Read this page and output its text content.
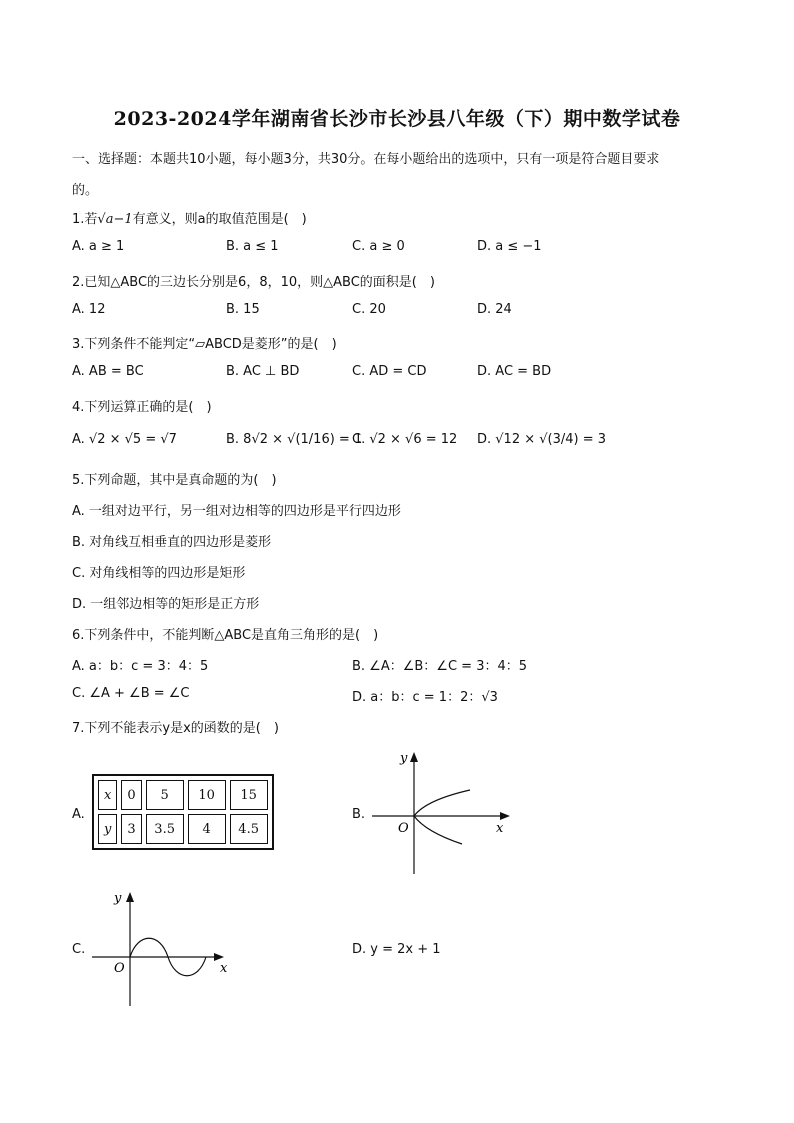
2023-2024学年湖南省长沙市长沙县八年级（下）期中数学试卷
一、选择题：本题共10小题，每小题3分，共30分。在每小题给出的选项中，只有一项是符合题目要求
的。
1.若√a−1有意义，则a的取值范围是(　)
A. a ≥ 1	B. a ≤ 1	C. a ≥ 0	D. a ≤ −1
2.已知△ABC的三边长分别是6，8，10，则△ABC的面积是(　)
A. 12	B. 15	C. 20	D. 24
3.下列条件不能判定“▱ABCD是菱形”的是(　)
A. AB = BC	B. AC ⊥ BD	C. AD = CD	D. AC = BD
4.下列运算正确的是(　)
A. √2 × √5 = √7	B. 8√2 × √(1/16) = 1
C. √2 × √6 = 12 D. √12 × √(3/4) = 3
5.下列命题，其中是真命题的为(　)
A. 一组对边平行，另一组对边相等的四边形是平行四边形
B. 对角线互相垂直的四边形是菱形
C. 对角线相等的四边形是矩形
D. 一组邻边相等的矩形是正方形
6.下列条件中，不能判断△ABC是直角三角形的是(　)
A. a：b：c = 3：4：5	B. ∠A：∠B：∠C = 3：4：5
C. ∠A + ∠B = ∠C	D. a：b：c = 1：2：√3
7.下列不能表示y是x的函数的是(　)
A.
x	0	5	10	15
y	3	3.5	4	4.5
B.
y
x
O
C.
y
x
O
D. y = 2x + 1
